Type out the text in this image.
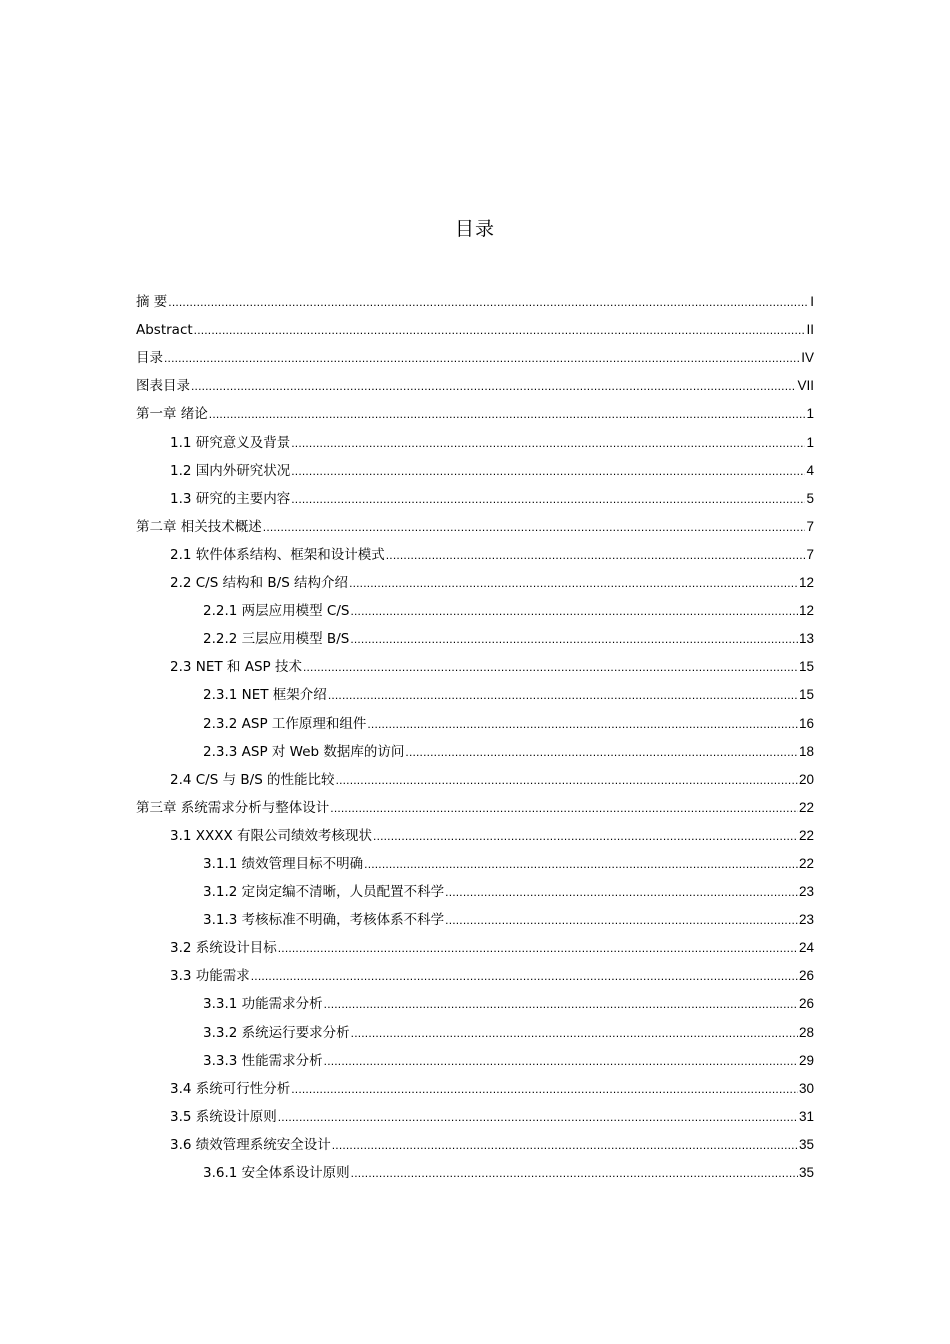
目录
摘 要 .....	I
Abstract .....	II
目录 .....	IV
图表目录 .....	VII
第一章 绪论 .....	1
1.1 研究意义及背景 .....	1
1.2 国内外研究状况 .....	4
1.3 研究的主要内容 .....	5
第二章 相关技术概述 .....	7
2.1 软件体系结构、框架和设计模式 .....	7
2.2 C/S 结构和 B/S 结构介绍 .....	12
2.2.1 两层应用模型 C/S .....	12
2.2.2 三层应用模型 B/S .....	13
2.3 NET 和 ASP 技术 .....	15
2.3.1 NET 框架介绍 .....	15
2.3.2 ASP 工作原理和组件 .....	16
2.3.3 ASP 对 Web 数据库的访问 .....	18
2.4 C/S 与 B/S 的性能比较 .....	20
第三章 系统需求分析与整体设计 .....	22
3.1 XXXX 有限公司绩效考核现状 .....	22
3.1.1 绩效管理目标不明确 .....	22
3.1.2 定岗定编不清晰，人员配置不科学 .....	23
3.1.3 考核标准不明确，考核体系不科学 .....	23
3.2 系统设计目标 .....	24
3.3 功能需求 .....	26
3.3.1 功能需求分析 .....	26
3.3.2 系统运行要求分析 .....	28
3.3.3 性能需求分析 .....	29
3.4 系统可行性分析 .....	30
3.5 系统设计原则 .....	31
3.6 绩效管理系统安全设计 .....	35
3.6.1 安全体系设计原则 .....	35
